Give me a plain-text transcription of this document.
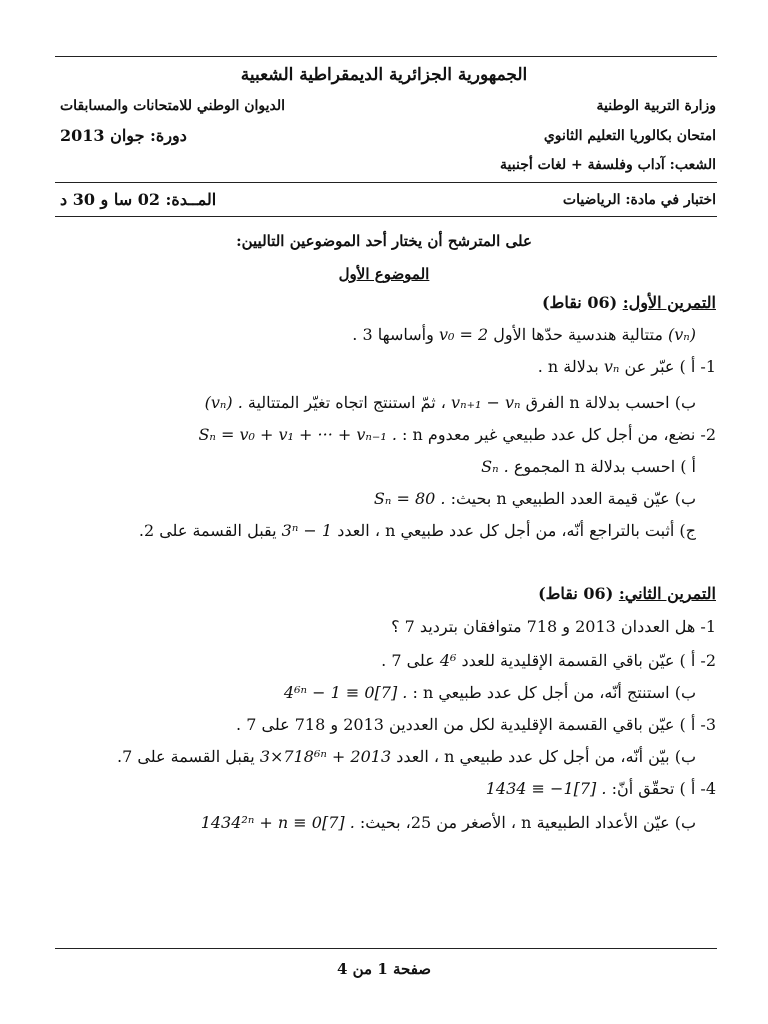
الجمهورية الجزائرية الديمقراطية الشعبية
وزارة التربية الوطنية
الديوان الوطني للامتحانات والمسابقات
امتحان بكالوريا التعليم الثانوي
دورة: جوان 2013
الشعب: آداب وفلسفة + لغات أجنبية
اختبار في مادة: الرياضيات
المــدة: 02 سا و 30 د
على المترشح أن يختار أحد الموضوعين التاليين:
الموضوع الأول
التمرين الأول: (06 نقاط)
(vₙ) متتالية هندسية حدّها الأول v₀ = 2 وأساسها 3 .
1- أ ) عبّر عن vₙ بدلالة n .
ب) احسب بدلالة n الفرق vₙ₊₁ − vₙ ، ثمّ استنتج اتجاه تغيّر المتتالية (vₙ) .
2- نضع، من أجل كل عدد طبيعي غير معدوم n : Sₙ = v₀ + v₁ + ··· + vₙ₋₁ .
أ ) احسب بدلالة n المجموع Sₙ .
ب) عيّن قيمة العدد الطبيعي n بحيث: Sₙ = 80 .
ج) أثبت بالتراجع أنّه، من أجل كل عدد طبيعي n ، العدد 3ⁿ − 1 يقبل القسمة على 2.
التمرين الثاني: (06 نقاط)
1- هل العددان 2013 و 718 متوافقان بترديد 7 ؟
2- أ ) عيّن باقي القسمة الإقليدية للعدد 4⁶ على 7 .
ب) استنتج أنّه، من أجل كل عدد طبيعي n : 4⁶ⁿ − 1 ≡ 0[7] .
3- أ ) عيّن باقي القسمة الإقليدية لكل من العددين 2013 و 718 على 7 .
ب) بيّن أنّه، من أجل كل عدد طبيعي n ، العدد 3×718⁶ⁿ + 2013 يقبل القسمة على 7.
4- أ ) تحقّق أنّ: 1434 ≡ −1[7] .
ب) عيّن الأعداد الطبيعية n ، الأصغر من 25، بحيث: 1434²ⁿ + n ≡ 0[7] .
صفحة 1 من 4
